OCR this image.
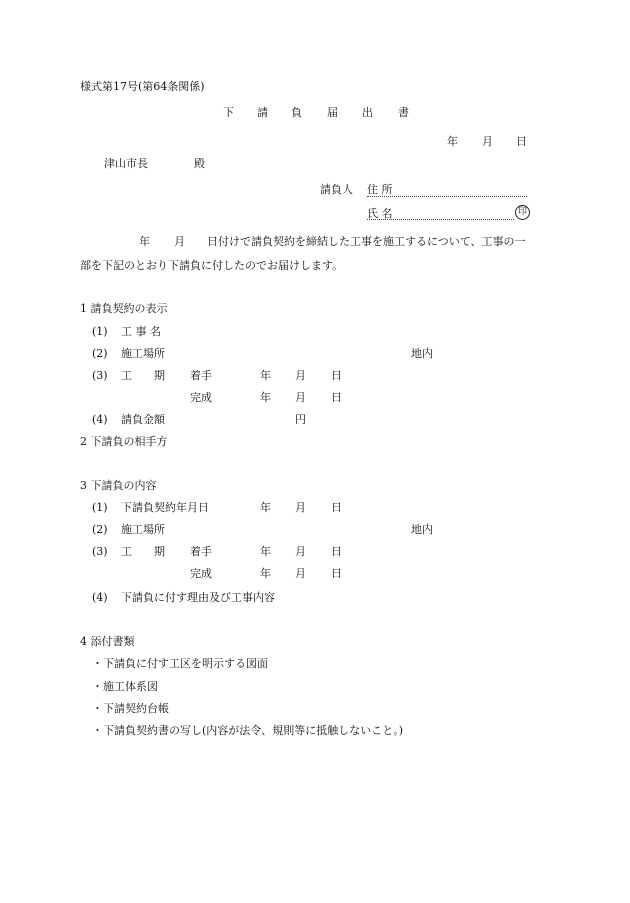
様式第17号(第64条関係)
下 請 負 届 出 書
年 月 日
津山市長	殿
請負人 住 所
氏 名	印
年 月 日付けで請負契約を締結した工事を施工するについて、工事の一
部を下記のとおり下請負に付したのでお届けします。
1 請負契約の表示
(1) 工 事 名
(2) 施工場所	地内
(3) 工 期 着手	年 月 日
完成	年 月 日
(4) 請負金額	円
2 下請負の相手方
3 下請負の内容
(1) 下請負契約年月日	年 月 日
(2) 施工場所	地内
(3) 工 期 着手	年 月 日
完成	年 月 日
(4) 下請負に付す理由及び工事内容
4 添付書類
・下請負に付す工区を明示する図面
・施工体系図
・下請契約台帳
・下請負契約書の写し(内容が法令、規則等に抵触しないこと。)
